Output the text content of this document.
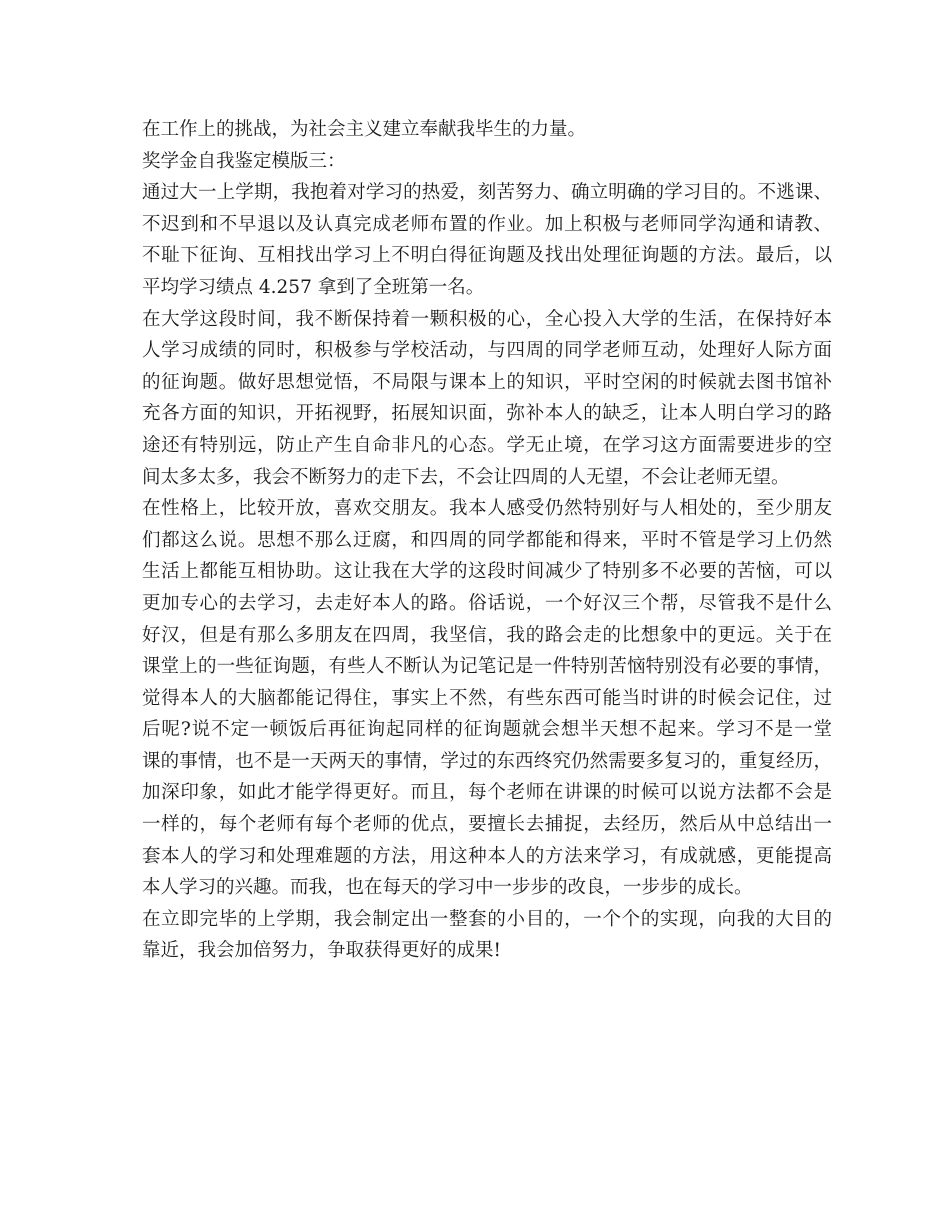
在工作上的挑战，为社会主义建立奉献我毕生的力量。
奖学金自我鉴定模版三：
通过大一上学期，我抱着对学习的热爱，刻苦努力、确立明确的学习目的。不逃课、
不迟到和不早退以及认真完成老师布置的作业。加上积极与老师同学沟通和请教、
不耻下征询、互相找出学习上不明白得征询题及找出处理征询题的方法。最后，以
平均学习绩点 4.257 拿到了全班第一名。
在大学这段时间，我不断保持着一颗积极的心，全心投入大学的生活，在保持好本
人学习成绩的同时，积极参与学校活动，与四周的同学老师互动，处理好人际方面
的征询题。做好思想觉悟，不局限与课本上的知识，平时空闲的时候就去图书馆补
充各方面的知识，开拓视野，拓展知识面，弥补本人的缺乏，让本人明白学习的路
途还有特别远，防止产生自命非凡的心态。学无止境，在学习这方面需要进步的空
间太多太多，我会不断努力的走下去，不会让四周的人无望，不会让老师无望。
在性格上，比较开放，喜欢交朋友。我本人感受仍然特别好与人相处的，至少朋友
们都这么说。思想不那么迂腐，和四周的同学都能和得来，平时不管是学习上仍然
生活上都能互相协助。这让我在大学的这段时间减少了特别多不必要的苦恼，可以
更加专心的去学习，去走好本人的路。俗话说，一个好汉三个帮，尽管我不是什么
好汉，但是有那么多朋友在四周，我坚信，我的路会走的比想象中的更远。关于在
课堂上的一些征询题，有些人不断认为记笔记是一件特别苦恼特别没有必要的事情，
觉得本人的大脑都能记得住，事实上不然，有些东西可能当时讲的时候会记住，过
后呢?说不定一顿饭后再征询起同样的征询题就会想半天想不起来。学习不是一堂
课的事情，也不是一天两天的事情，学过的东西终究仍然需要多复习的，重复经历，
加深印象，如此才能学得更好。而且，每个老师在讲课的时候可以说方法都不会是
一样的，每个老师有每个老师的优点，要擅长去捕捉，去经历，然后从中总结出一
套本人的学习和处理难题的方法，用这种本人的方法来学习，有成就感，更能提高
本人学习的兴趣。而我，也在每天的学习中一步步的改良，一步步的成长。
在立即完毕的上学期，我会制定出一整套的小目的，一个个的实现，向我的大目的
靠近，我会加倍努力，争取获得更好的成果!
